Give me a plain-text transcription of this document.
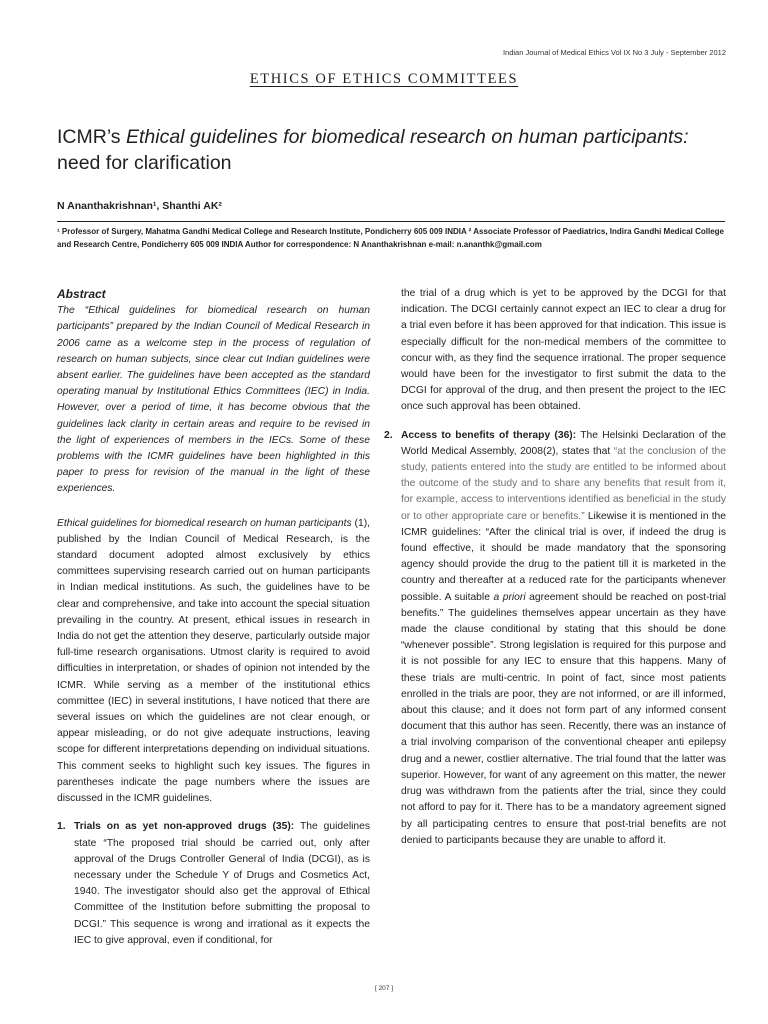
Indian Journal of Medical Ethics Vol IX No 3 July - September 2012
ETHICS OF ETHICS COMMITTEES
ICMR’s Ethical guidelines for biomedical research on human participants: need for clarification
N Ananthakrishnan¹, Shanthi AK²
¹ Professor of Surgery, Mahatma Gandhi Medical College and Research Institute, Pondicherry 605 009 INDIA ² Associate Professor of Paediatrics, Indira Gandhi Medical College and Research Centre, Pondicherry 605 009 INDIA Author for correspondence: N Ananthakrishnan e-mail: n.ananthk@gmail.com
Abstract

The “Ethical guidelines for biomedical research on human participants” prepared by the Indian Council of Medical Research in 2006 came as a welcome step in the process of regulation of research on human subjects, since clear cut Indian guidelines were absent earlier. The guidelines have been accepted as the standard operating manual by Institutional Ethics Committees (IEC) in India. However, over a period of time, it has become obvious that the guidelines lack clarity in certain areas and require to be revised in the light of experiences of members in the IECs. Some of these problems with the ICMR guidelines have been highlighted in this paper to press for revision of the manual in the light of these experiences.

Ethical guidelines for biomedical research on human participants (1), published by the Indian Council of Medical Research, is the standard document adopted almost exclusively by ethics committees supervising research carried out on human participants in Indian medical institutions. As such, the guidelines have to be clear and comprehensive, and take into account the special situation prevailing in the country. At present, ethical issues in research in India do not get the attention they deserve, particularly outside major full-time research organisations. Utmost clarity is required to avoid difficulties in interpretation, or shades of opinion not intended by the ICMR. While serving as a member of the institutional ethics committee (IEC) in several institutions, I have noticed that there are several issues on which the guidelines are not clear enough, or appear misleading, or do not give adequate instructions, leaving scope for different interpretations depending on individual situations. This comment seeks to highlight such key issues. The figures in parentheses indicate the page numbers where the issues are discussed in the ICMR guidelines.

1. Trials on as yet non-approved drugs (35): The guidelines state “The proposed trial should be carried out, only after approval of the Drugs Controller General of India (DCGI), as is necessary under the Schedule Y of Drugs and Cosmetics Act, 1940. The investigator should also get the approval of Ethical Committee of the Institution before submitting the proposal to DCGI.” This sequence is wrong and irrational as it expects the IEC to give approval, even if conditional, for

the trial of a drug which is yet to be approved by the DCGI for that indication. The DCGI certainly cannot expect an IEC to clear a drug for a trial even before it has been approved for that indication. This issue is especially difficult for the non-medical members of the committee to concur with, as they find the sequence irrational. The proper sequence would have been for the investigator to first submit the data to the DCGI for approval of the drug, and then present the project to the IEC once such approval has been obtained.

2. Access to benefits of therapy (36): The Helsinki Declaration of the World Medical Assembly, 2008(2), states that “at the conclusion of the study, patients entered into the study are entitled to be informed about the outcome of the study and to share any benefits that result from it, for example, access to interventions identified as beneficial in the study or to other appropriate care or benefits.” Likewise it is mentioned in the ICMR guidelines: “After the clinical trial is over, if indeed the drug is found effective, it should be made mandatory that the sponsoring agency should provide the drug to the patient till it is marketed in the country and thereafter at a reduced rate for the participants whenever possible. A suitable a priori agreement should be reached on post-trial benefits.” The guidelines themselves appear uncertain as they have made the clause conditional by stating that this should be done “whenever possible”. Strong legislation is required for this purpose and it is not possible for any IEC to ensure that this happens. Many of these trials are multi-centric. In point of fact, since most patients enrolled in the trials are poor, they are not informed, or are ill informed, about this clause; and it does not form part of any informed consent document that this author has seen. Recently, there was an instance of a trial involving comparison of the conventional cheaper anti epilepsy drug and a newer, costlier alternative. The trial found that the latter was superior. However, for want of any agreement on this matter, the newer drug was withdrawn from the patients after the trial, since they could not afford to pay for it. There has to be a mandatory agreement signed by all participating centres to ensure that post-trial benefits are not denied to participants because they are unable to afford it.

[ 207 ]
